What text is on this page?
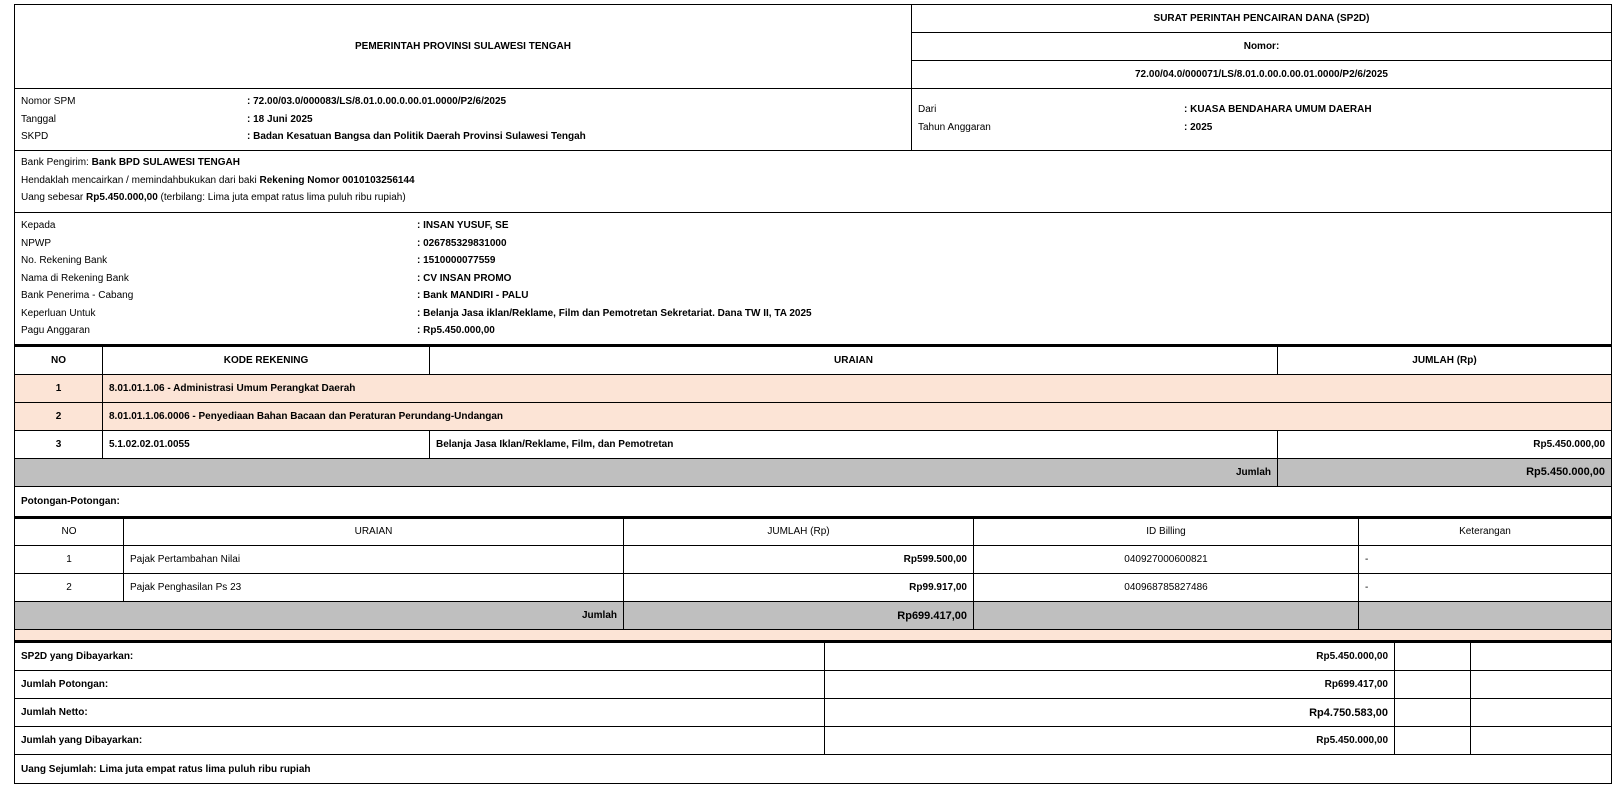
PEMERINTAH PROVINSI SULAWESI TENGAH	SURAT PERINTAH PENCAIRAN DANA (SP2D)
Nomor:
72.00/04.0/000071/LS/8.01.0.00.0.00.01.0000/P2/6/2025
Nomor SPM	: 72.00/03.0/000083/LS/8.01.0.00.0.00.01.0000/P2/6/2025
Tanggal	: 18 Juni 2025
SKPD	: Badan Kesatuan Bangsa dan Politik Daerah Provinsi Sulawesi Tengah
Dari	: KUASA BENDAHARA UMUM DAERAH
Tahun Anggaran	: 2025
Bank Pengirim:
Bank BPD SULAWESI TENGAH
Hendaklah mencairkan / memindahbukukan dari baki
Rekening Nomor 0010103256144
Uang sebesar
Rp5.450.000,00
(terbilang: Lima juta empat ratus lima puluh ribu rupiah)
Kepada	: INSAN YUSUF, SE
NPWP	: 026785329831000
No. Rekening Bank	: 1510000077559
Nama di Rekening Bank	: CV INSAN PROMO
Bank Penerima - Cabang	: Bank MANDIRI - PALU
Keperluan Untuk	: Belanja Jasa iklan/Reklame, Film dan Pemotretan Sekretariat. Dana TW II, TA 2025
Pagu Anggaran	: Rp5.450.000,00
NO	KODE REKENING	URAIAN	JUMLAH (Rp)
1	8.01.01.1.06 - Administrasi Umum Perangkat Daerah		
2	8.01.01.1.06.0006 - Penyediaan Bahan Bacaan dan Peraturan Perundang-Undangan		
3	5.1.02.02.01.0055	Belanja Jasa Iklan/Reklame, Film, dan Pemotretan	Rp5.450.000,00
Jumlah			Rp5.450.000,00
Potongan-Potongan:
NO	URAIAN	JUMLAH (Rp)	ID Billing	Keterangan
1	Pajak Pertambahan Nilai	Rp599.500,00	040927000600821	-
2	Pajak Penghasilan Ps 23	Rp99.917,00	040968785827486	-
Jumlah		Rp699.417,00		
SP2D yang Dibayarkan:	Rp5.450.000,00		
Jumlah Potongan:	Rp699.417,00		
Jumlah Netto:	Rp4.750.583,00		
Jumlah yang Dibayarkan:	Rp5.450.000,00		
Uang Sejumlah: Lima juta empat ratus lima puluh ribu rupiah			
